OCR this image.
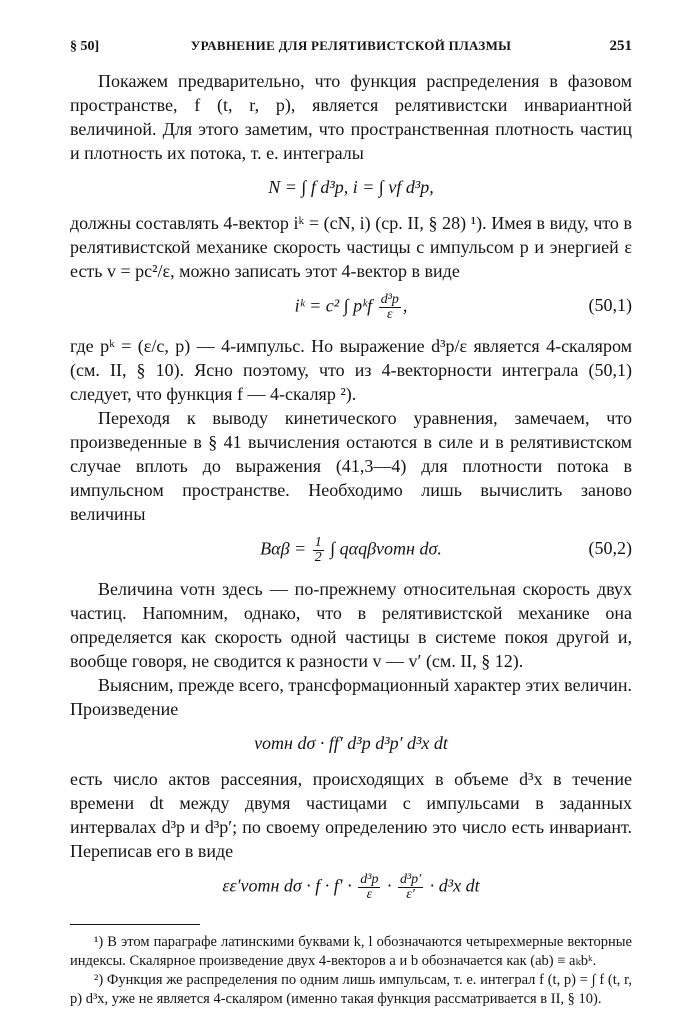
§ 50]	УРАВНЕНИЕ ДЛЯ РЕЛЯТИВИСТСКОЙ ПЛАЗМЫ	251

Покажем предварительно, что функция распределения в фазовом пространстве, f (t, r, p), является релятивистски инвариантной величиной. Для этого заметим, что пространственная плотность частиц и плотность их потока, т. е. интегралы

N = ∫ f d³p, i = ∫ vf d³p,

должны составлять 4-вектор iᵏ = (cN, i) (ср. II, § 28) ¹). Имея в виду, что в релятивистской механике скорость частицы с импульсом p и энергией ε есть v = pc²/ε, можно записать этот 4-вектор в виде

iᵏ = c² ∫ pᵏf $\frac{\text{d³p}}{\varepsilon}$ ,	(50,1)

где pᵏ = (ε/c, p) — 4-импульс. Но выражение d³p/ε является 4-скаляром (см. II, § 10). Ясно поэтому, что из 4-векторности интеграла (50,1) следует, что функция f — 4-скаляр ²).

Переходя к выводу кинетического уравнения, замечаем, что произведенные в § 41 вычисления остаются в силе и в релятивистском случае вплоть до выражения (41,3—4) для плотности потока в импульсном пространстве. Необходимо лишь вычислить заново величины

$B\alpha\beta = \frac{1}{2}$ ∫ qαqβvотн dσ.	(50,2)

Величина vотн здесь — по-прежнему относительная скорость двух частиц. Напомним, однако, что в релятивистской механике она определяется как скорость одной частицы в системе покоя другой и, вообще говоря, не сводится к разности v — v′ (см. II, § 12).

Выясним, прежде всего, трансформационный характер этих величин. Произведение

vотн dσ · ff′ d³p d³p′ d³x dt

есть число актов рассеяния, происходящих в объеме d³x в течение времени dt между двумя частицами с импульсами в заданных интервалах d³p и d³p′; по своему определению это число есть инвариант. Переписав его в виде

εε′vотн $d\sigma \cdot f \cdot f' \cdot \frac{\text{d³p}}{\varepsilon} \cdot \frac{\text{d³p′}}{\varepsilon'} \cdot d^3x$ dt

¹) В этом параграфе латинскими буквами k, l обозначаются четырехмерные векторные индексы. Скалярное произведение двух 4-векторов a и b обозначается как (ab) ≡ aₖbᵏ.

²) Функция же распределения по одним лишь импульсам, т. е. интеграл f (t, p) = ∫ f (t, r, p) d³x, уже не является 4-скаляром (именно такая функция рассматривается в II, § 10).
